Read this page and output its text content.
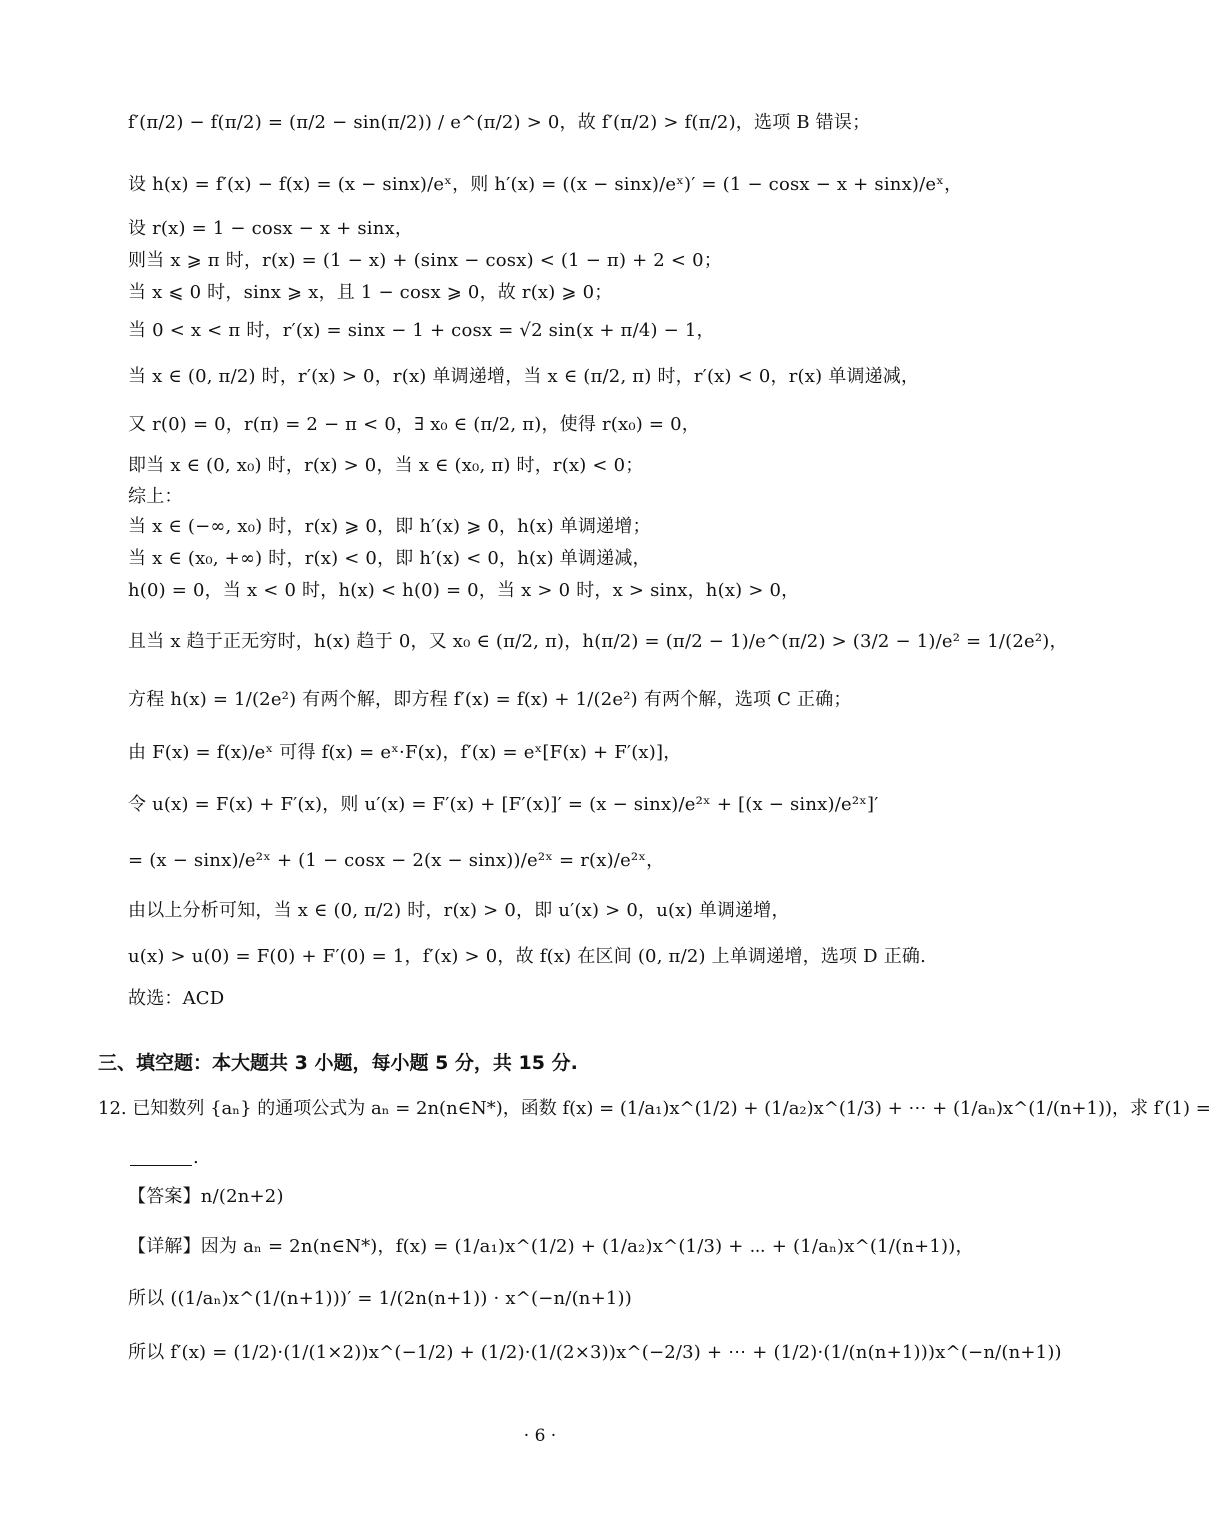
f′(π/2) − f(π/2) = (π/2 − sin(π/2)) / e^(π/2) > 0，故 f′(π/2) > f(π/2)，选项 B 错误；
设 h(x) = f′(x) − f(x) = (x − sinx)/eˣ，则 h′(x) = ((x − sinx)/eˣ)′ = (1 − cosx − x + sinx)/eˣ，
设 r(x) = 1 − cosx − x + sinx，
则当 x ⩾ π 时，r(x) = (1 − x) + (sinx − cosx) < (1 − π) + 2 < 0；
当 x ⩽ 0 时，sinx ⩾ x，且 1 − cosx ⩾ 0，故 r(x) ⩾ 0；
当 0 < x < π 时，r′(x) = sinx − 1 + cosx = √2 sin(x + π/4) − 1，
当 x ∈ (0, π/2) 时，r′(x) > 0，r(x) 单调递增，当 x ∈ (π/2, π) 时，r′(x) < 0，r(x) 单调递减，
又 r(0) = 0，r(π) = 2 − π < 0，∃ x₀ ∈ (π/2, π)，使得 r(x₀) = 0，
即当 x ∈ (0, x₀) 时，r(x) > 0，当 x ∈ (x₀, π) 时，r(x) < 0；
综上：
当 x ∈ (−∞, x₀) 时，r(x) ⩾ 0，即 h′(x) ⩾ 0，h(x) 单调递增；
当 x ∈ (x₀, +∞) 时，r(x) < 0，即 h′(x) < 0，h(x) 单调递减，
h(0) = 0，当 x < 0 时，h(x) < h(0) = 0，当 x > 0 时，x > sinx，h(x) > 0，
且当 x 趋于正无穷时，h(x) 趋于 0，又 x₀ ∈ (π/2, π)，h(π/2) = (π/2 − 1)/e^(π/2) > (3/2 − 1)/e² = 1/(2e²)，
方程 h(x) = 1/(2e²) 有两个解，即方程 f′(x) = f(x) + 1/(2e²) 有两个解，选项 C 正确；
由 F(x) = f(x)/eˣ 可得 f(x) = eˣ·F(x)，f′(x) = eˣ[F(x) + F′(x)]，
令 u(x) = F(x) + F′(x)，则 u′(x) = F′(x) + [F′(x)]′ = (x − sinx)/e²ˣ + [(x − sinx)/e²ˣ]′
= (x − sinx)/e²ˣ + (1 − cosx − 2(x − sinx))/e²ˣ = r(x)/e²ˣ，
由以上分析可知，当 x ∈ (0, π/2) 时，r(x) > 0，即 u′(x) > 0，u(x) 单调递增，
u(x) > u(0) = F(0) + F′(0) = 1，f′(x) > 0，故 f(x) 在区间 (0, π/2) 上单调递增，选项 D 正确.
故选：ACD
三、填空题：本大题共 3 小题，每小题 5 分，共 15 分.
12. 已知数列 {aₙ} 的通项公式为 aₙ = 2n(n∈N*)，函数 f(x) = (1/a₁)x^(1/2) + (1/a₂)x^(1/3) + ⋯ + (1/aₙ)x^(1/(n+1))，求 f′(1) =
.
【答案】n/(2n+2)
【详解】因为 aₙ = 2n(n∈N*)，f(x) = (1/a₁)x^(1/2) + (1/a₂)x^(1/3) + ⋯ + (1/aₙ)x^(1/(n+1))，
所以 ((1/aₙ)x^(1/(n+1)))′ = 1/(2n(n+1)) · x^(−n/(n+1))
所以 f′(x) = (1/2)·(1/(1×2))x^(−1/2) + (1/2)·(1/(2×3))x^(−2/3) + ⋯ + (1/2)·(1/(n(n+1)))x^(−n/(n+1))
· 6 ·
